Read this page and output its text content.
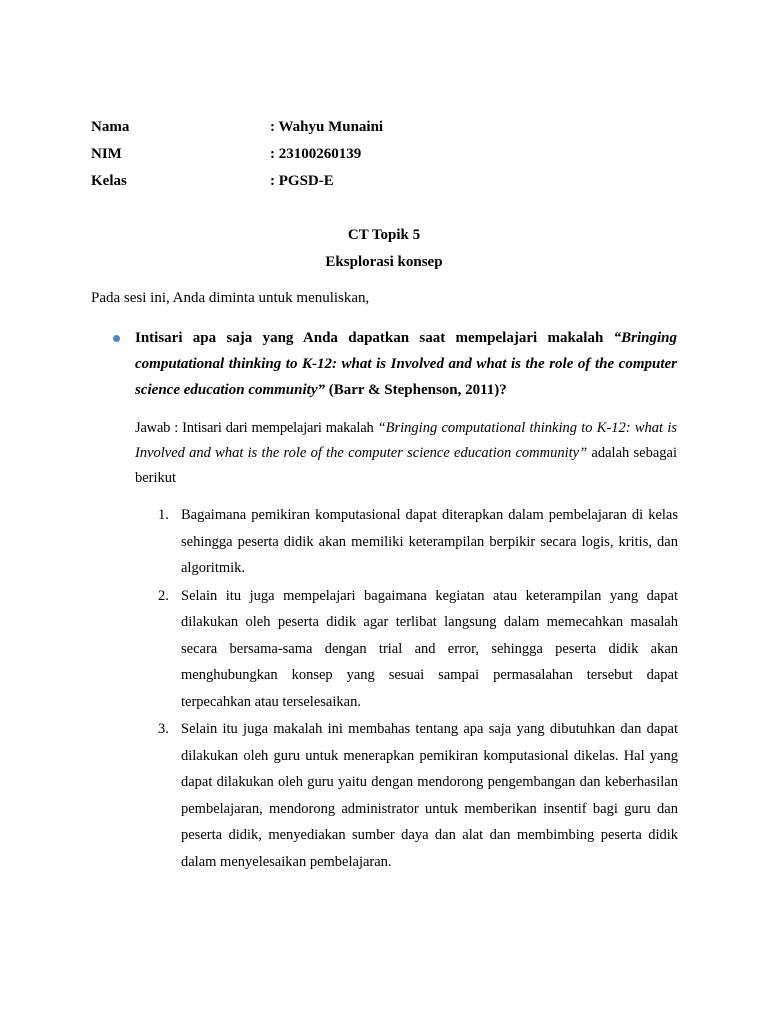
Nama	: Wahyu Munaini
NIM	: 23100260139
Kelas	: PGSD-E
CT Topik 5
Eksplorasi konsep
Pada sesi ini, Anda diminta untuk menuliskan,
Intisari apa saja yang Anda dapatkan saat mempelajari makalah “Bringing computational thinking to K-12: what is Involved and what is the role of the computer science education community” (Barr & Stephenson, 2011)?
Jawab : Intisari dari mempelajari makalah “Bringing computational thinking to K-12: what is Involved and what is the role of the computer science education community” adalah sebagai berikut
1. Bagaimana pemikiran komputasional dapat diterapkan dalam pembelajaran di kelas sehingga peserta didik akan memiliki keterampilan berpikir secara logis, kritis, dan algoritmik.
2. Selain itu juga mempelajari bagaimana kegiatan atau keterampilan yang dapat dilakukan oleh peserta didik agar terlibat langsung dalam memecahkan masalah secara bersama-sama dengan trial and error, sehingga peserta didik akan menghubungkan konsep yang sesuai sampai permasalahan tersebut dapat terpecahkan atau terselesaikan.
3. Selain itu juga makalah ini membahas tentang apa saja yang dibutuhkan dan dapat dilakukan oleh guru untuk menerapkan pemikiran komputasional dikelas. Hal yang dapat dilakukan oleh guru yaitu dengan mendorong pengembangan dan keberhasilan pembelajaran, mendorong administrator untuk memberikan insentif bagi guru dan peserta didik, menyediakan sumber daya dan alat dan membimbing peserta didik dalam menyelesaikan pembelajaran.
